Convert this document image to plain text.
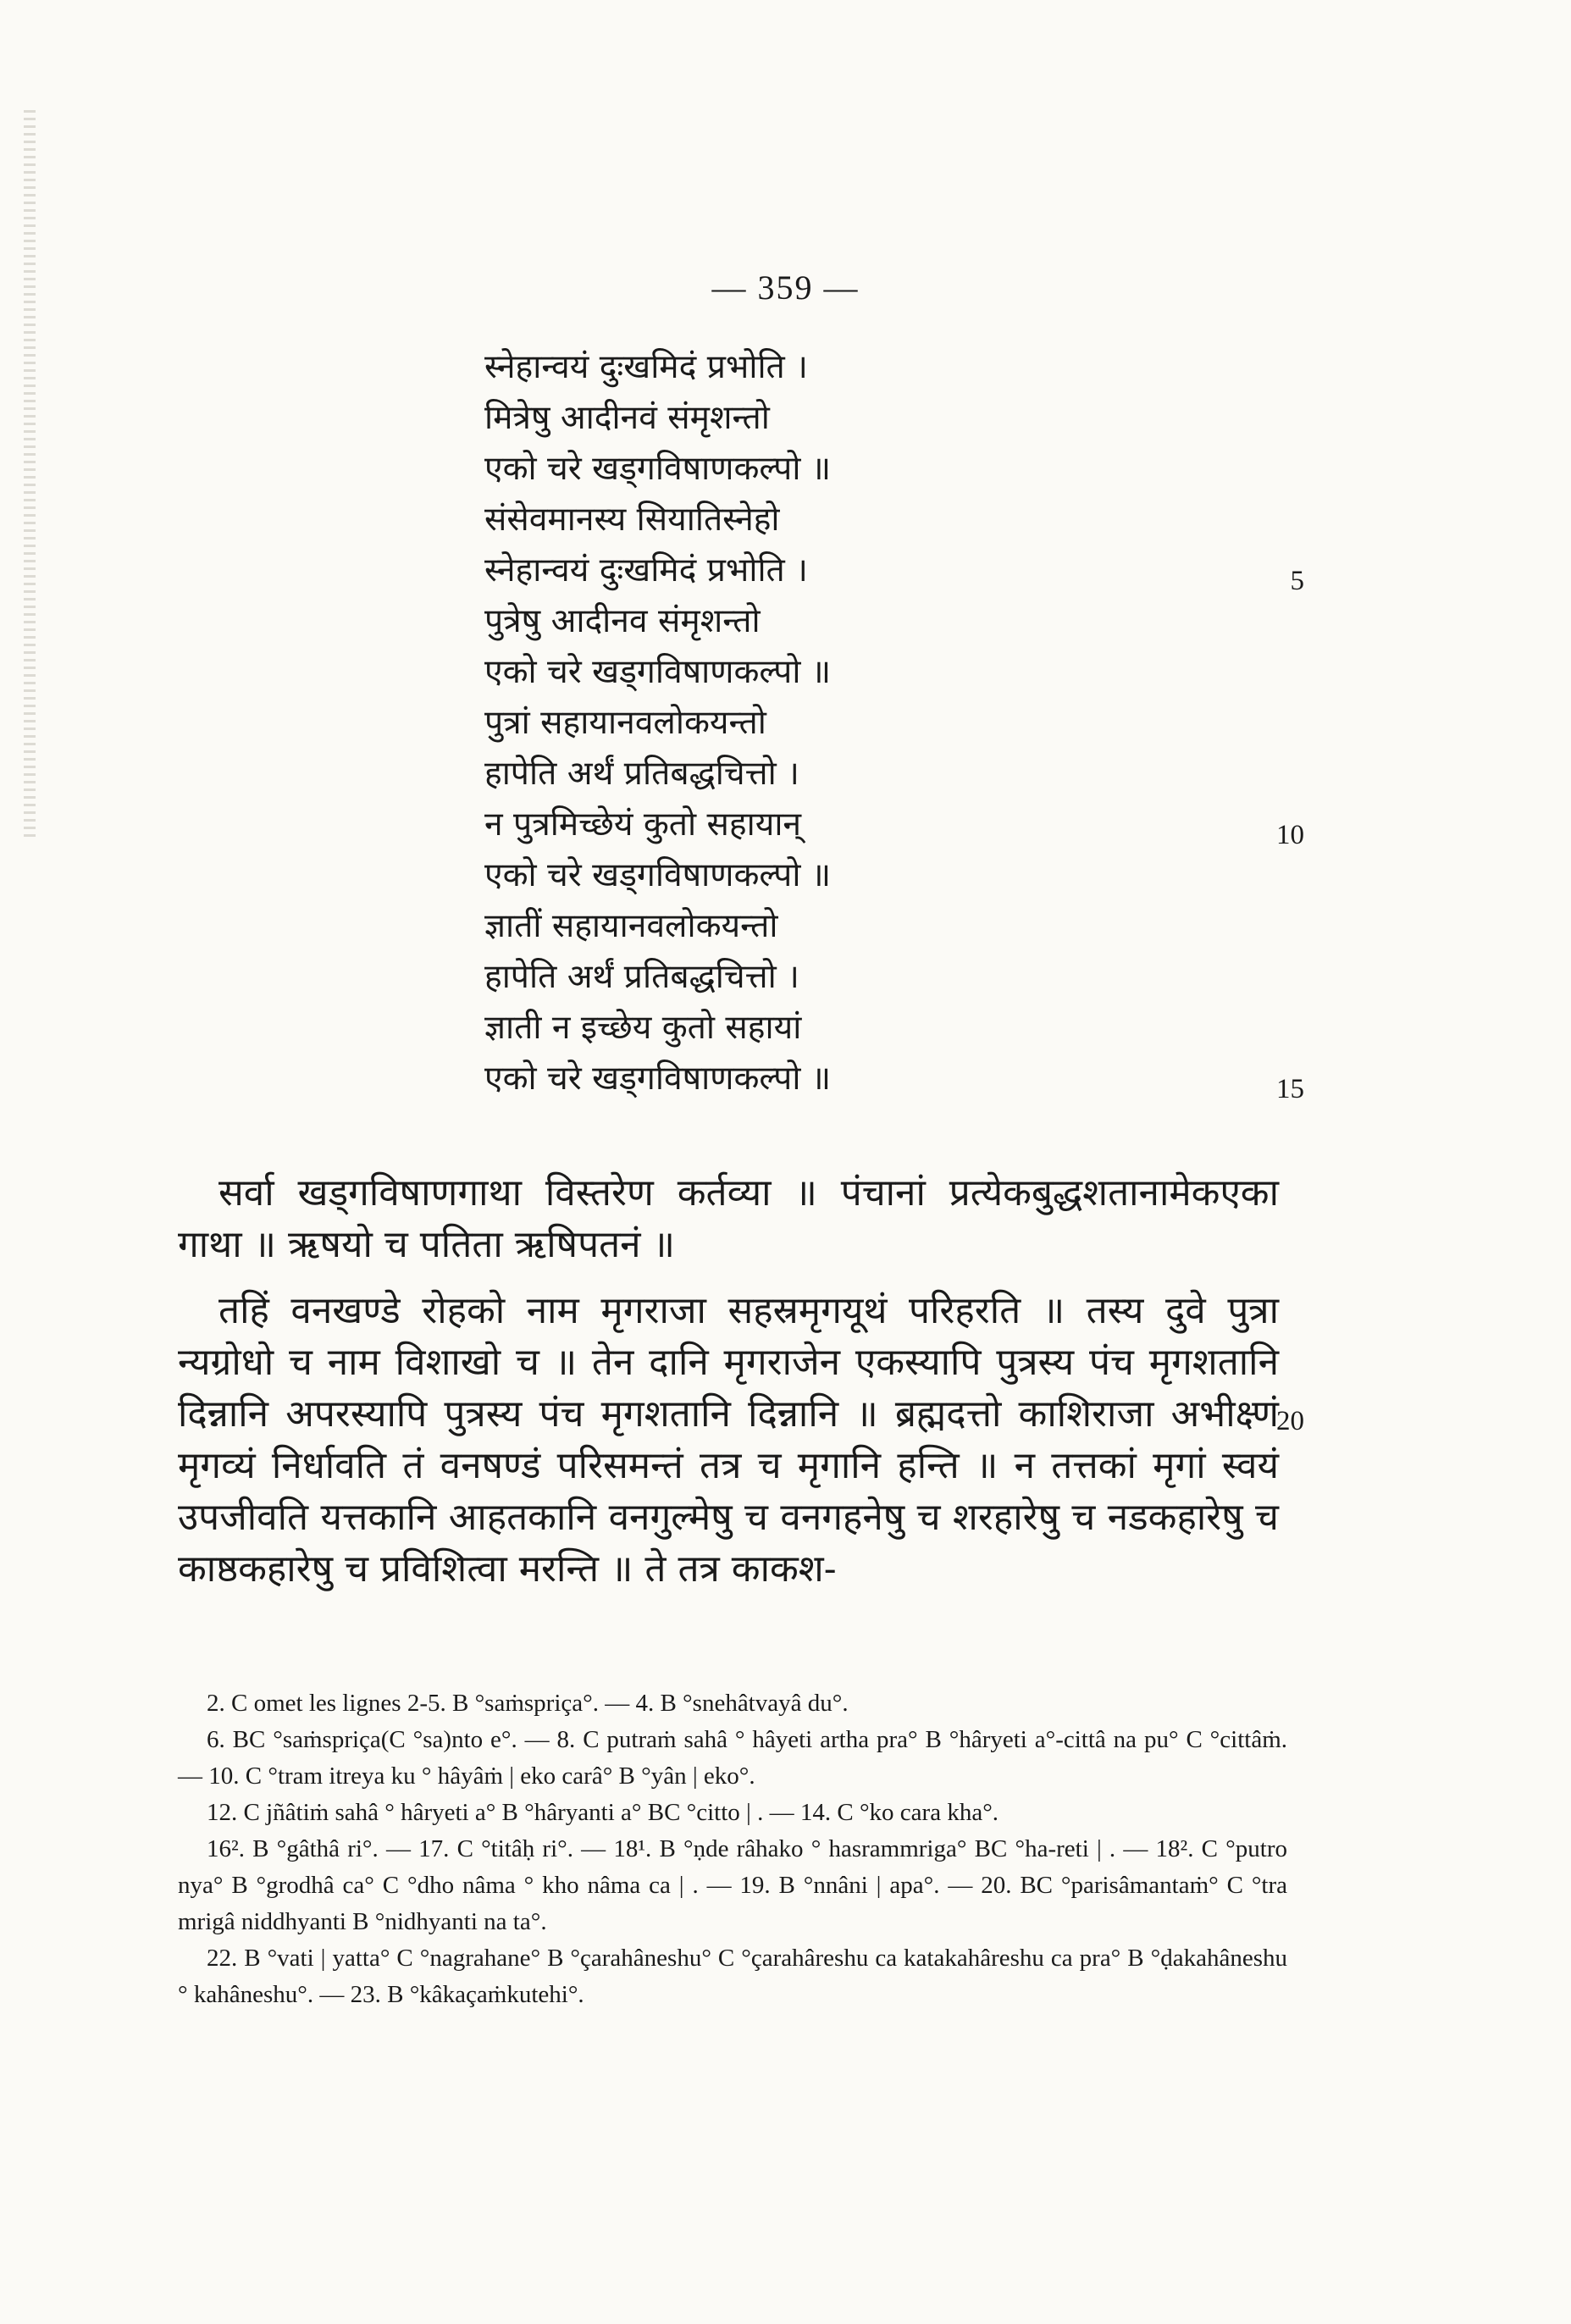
— 359 —
स्नेहान्वयं दुःखमिदं प्रभोति ।
मित्रेषु आदीनवं संमृशन्तो
एको चरे खड्गविषाणकल्पो ॥
संसेवमानस्य सियातिस्नेहो
स्नेहान्वयं दुःखमिदं प्रभोति ।
पुत्रेषु आदीनव संमृशन्तो
एको चरे खड्गविषाणकल्पो ॥
पुत्रां सहायानवलोकयन्तो
हापेति अर्थं प्रतिबद्धचित्तो ।
न पुत्रमिच्छेयं कुतो सहायान्
एको चरे खड्गविषाणकल्पो ॥
ज्ञातीं सहायानवलोकयन्तो
हापेति अर्थं प्रतिबद्धचित्तो ।
ज्ञाती न इच्छेय कुतो सहायां
एको चरे खड्गविषाणकल्पो ॥
5
10
15
सर्वा खड्गविषाणगाथा विस्तरेण कर्तव्या ॥ पंचानां प्रत्येकबुद्धशतानामेकएका गाथा ॥ ऋषयो च पतिता ऋषिपतनं ॥
तहिं वनखण्डे रोहको नाम मृगराजा सहस्रमृगयूथं परिहरति ॥ तस्य दुवे पुत्रा न्यग्रोधो च नाम विशाखो च ॥ तेन दानि मृगराजेन एकस्यापि पुत्रस्य पंच मृगशतानि दिन्नानि अपरस्यापि पुत्रस्य पंच मृगशतानि दिन्नानि ॥ ब्रह्मदत्तो काशिराजा अभीक्ष्णं मृगव्यं निर्धावति तं वनषण्डं परिसमन्तं तत्र च मृगानि हन्ति ॥ न तत्तकां मृगां स्वयं उपजीवति यत्तकानि आहतकानि वनगुल्मेषु च वनगहनेषु च शरहारेषु च नडकहारेषु च काष्ठकहारेषु च प्रविशित्वा मरन्ति ॥ ते तत्र काकश-
20
2. C omet les lignes 2-5. B °saṁspriça°. — 4. B °snehâtvayâ du°.
6. BC °saṁspriça(C °sa)nto e°. — 8. C putraṁ sahâ ° hâyeti artha pra° B °hâryeti a°-cittâ na pu° C °cittâṁ. — 10. C °tram itreya ku ° hâyâṁ | eko carâ° B °yân | eko°.
12. C jñâtiṁ sahâ ° hâryeti a° B °hâryanti a° BC °citto | . — 14. C °ko cara kha°.
16². B °gâthâ ri°. — 17. C °titâḥ ri°. — 18¹. B °ṇde râhako ° hasrammriga° BC °ha-reti | . — 18². C °putro nya° B °grodhâ ca° C °dho nâma ° kho nâma ca | . — 19. B °nnâni | apa°. — 20. BC °parisâmantaṁ° C °tra mrigâ niddhyanti B °nidhyanti na ta°.
22. B °vati | yatta° C °nagrahane° B °çarahâneshu° C °çarahâreshu ca katakahâreshu ca pra° B °ḍakahâneshu ° kahâneshu°. — 23. B °kâkaçaṁkutehi°.
